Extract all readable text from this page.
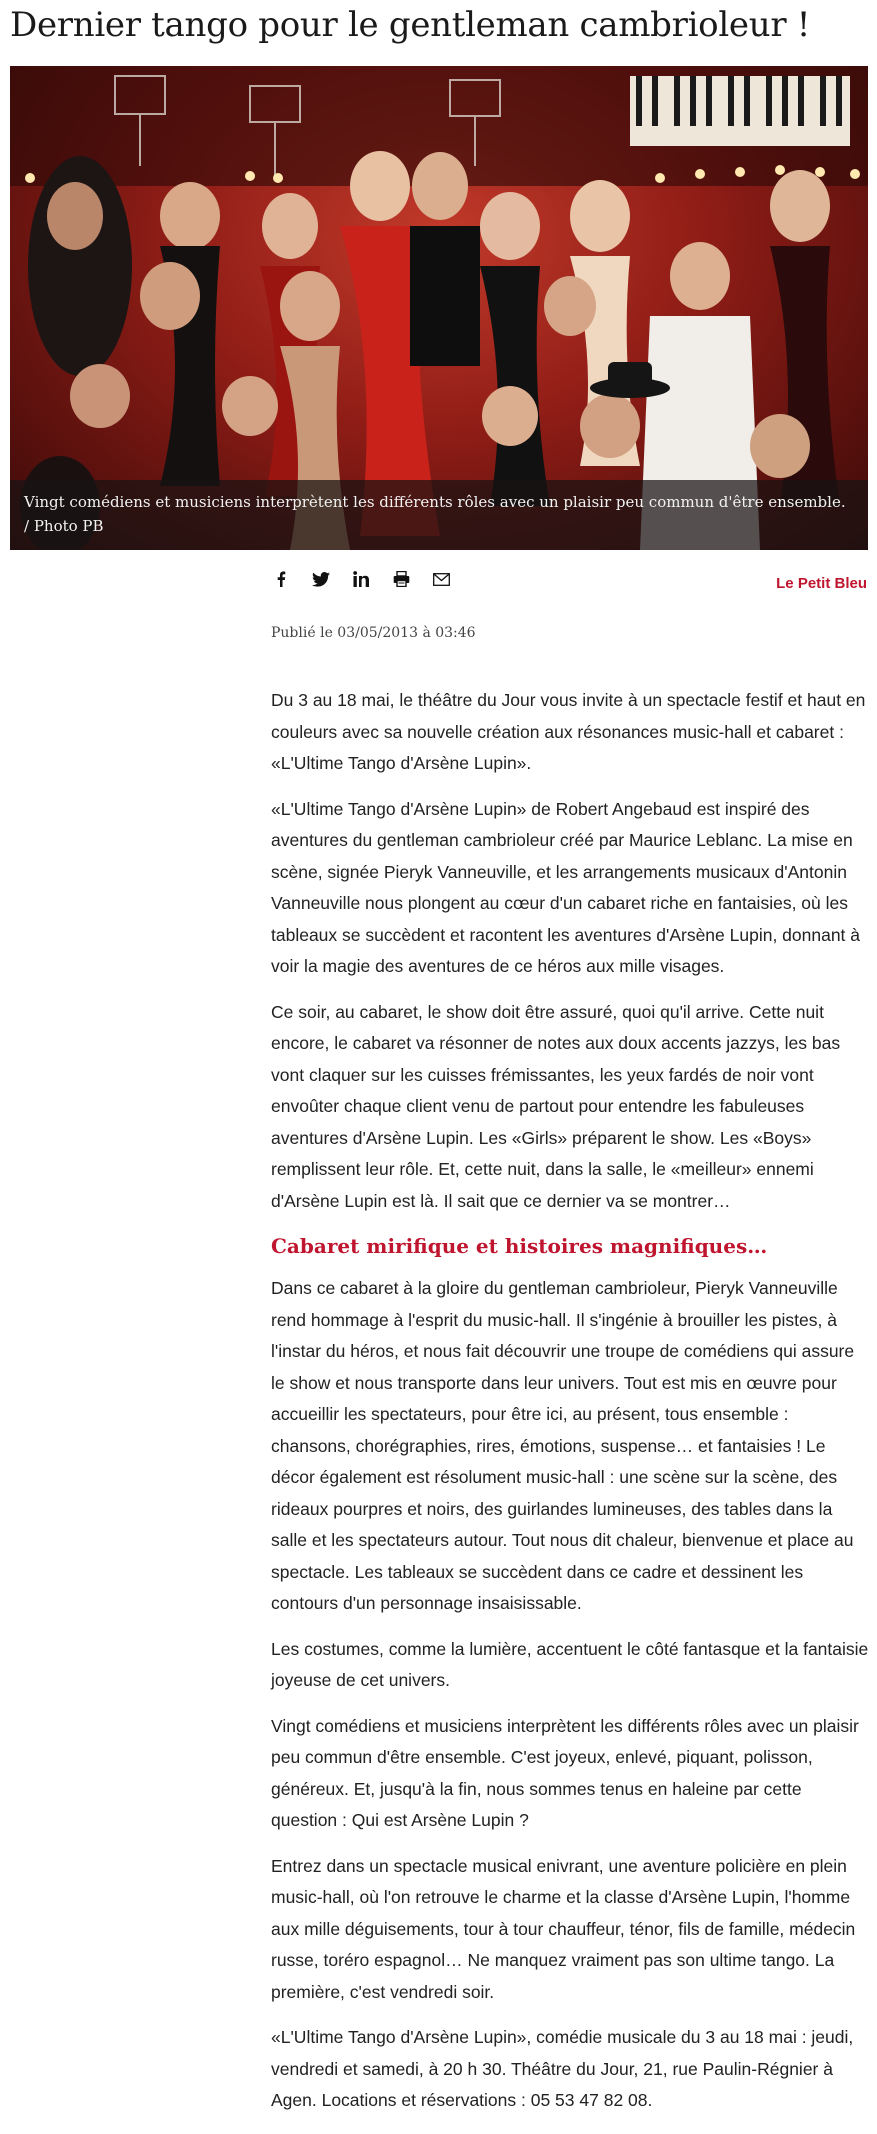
Dernier tango pour le gentleman cambrioleur !
Vingt comédiens et musiciens interprètent les différents rôles avec un plaisir peu commun d'être ensemble. / Photo PB
Le Petit Bleu
Publié le 03/05/2013 à 03:46

Du 3 au 18 mai, le théâtre du Jour vous invite à un spectacle festif et haut en couleurs avec sa nouvelle création aux résonances music-hall et cabaret : «L'Ultime Tango d'Arsène Lupin».

«L'Ultime Tango d'Arsène Lupin» de Robert Angebaud est inspiré des aventures du gentleman cambrioleur créé par Maurice Leblanc. La mise en scène, signée Pieryk Vanneuville, et les arrangements musicaux d'Antonin Vanneuville nous plongent au cœur d'un cabaret riche en fantaisies, où les tableaux se succèdent et racontent les aventures d'Arsène Lupin, donnant à voir la magie des aventures de ce héros aux mille visages.

Ce soir, au cabaret, le show doit être assuré, quoi qu'il arrive. Cette nuit encore, le cabaret va résonner de notes aux doux accents jazzys, les bas vont claquer sur les cuisses frémissantes, les yeux fardés de noir vont envoûter chaque client venu de partout pour entendre les fabuleuses aventures d'Arsène Lupin. Les «Girls» préparent le show. Les «Boys» remplissent leur rôle. Et, cette nuit, dans la salle, le «meilleur» ennemi d'Arsène Lupin est là. Il sait que ce dernier va se montrer…

Cabaret mirifique et histoires magnifiques…

Dans ce cabaret à la gloire du gentleman cambrioleur, Pieryk Vanneuville rend hommage à l'esprit du music-hall. Il s'ingénie à brouiller les pistes, à l'instar du héros, et nous fait découvrir une troupe de comédiens qui assure le show et nous transporte dans leur univers. Tout est mis en œuvre pour accueillir les spectateurs, pour être ici, au présent, tous ensemble : chansons, chorégraphies, rires, émotions, suspense… et fantaisies ! Le décor également est résolument music-hall : une scène sur la scène, des rideaux pourpres et noirs, des guirlandes lumineuses, des tables dans la salle et les spectateurs autour. Tout nous dit chaleur, bienvenue et place au spectacle. Les tableaux se succèdent dans ce cadre et dessinent les contours d'un personnage insaisissable.

Les costumes, comme la lumière, accentuent le côté fantasque et la fantaisie joyeuse de cet univers.

Vingt comédiens et musiciens interprètent les différents rôles avec un plaisir peu commun d'être ensemble. C'est joyeux, enlevé, piquant, polisson, généreux. Et, jusqu'à la fin, nous sommes tenus en haleine par cette question : Qui est Arsène Lupin ?

Entrez dans un spectacle musical enivrant, une aventure policière en plein music-hall, où l'on retrouve le charme et la classe d'Arsène Lupin, l'homme aux mille déguisements, tour à tour chauffeur, ténor, fils de famille, médecin russe, toréro espagnol… Ne manquez vraiment pas son ultime tango. La première, c'est vendredi soir.

«L'Ultime Tango d'Arsène Lupin», comédie musicale du 3 au 18 mai : jeudi, vendredi et samedi, à 20 h 30. Théâtre du Jour, 21, rue Paulin-Régnier à Agen. Locations et réservations : 05 53 47 82 08.
